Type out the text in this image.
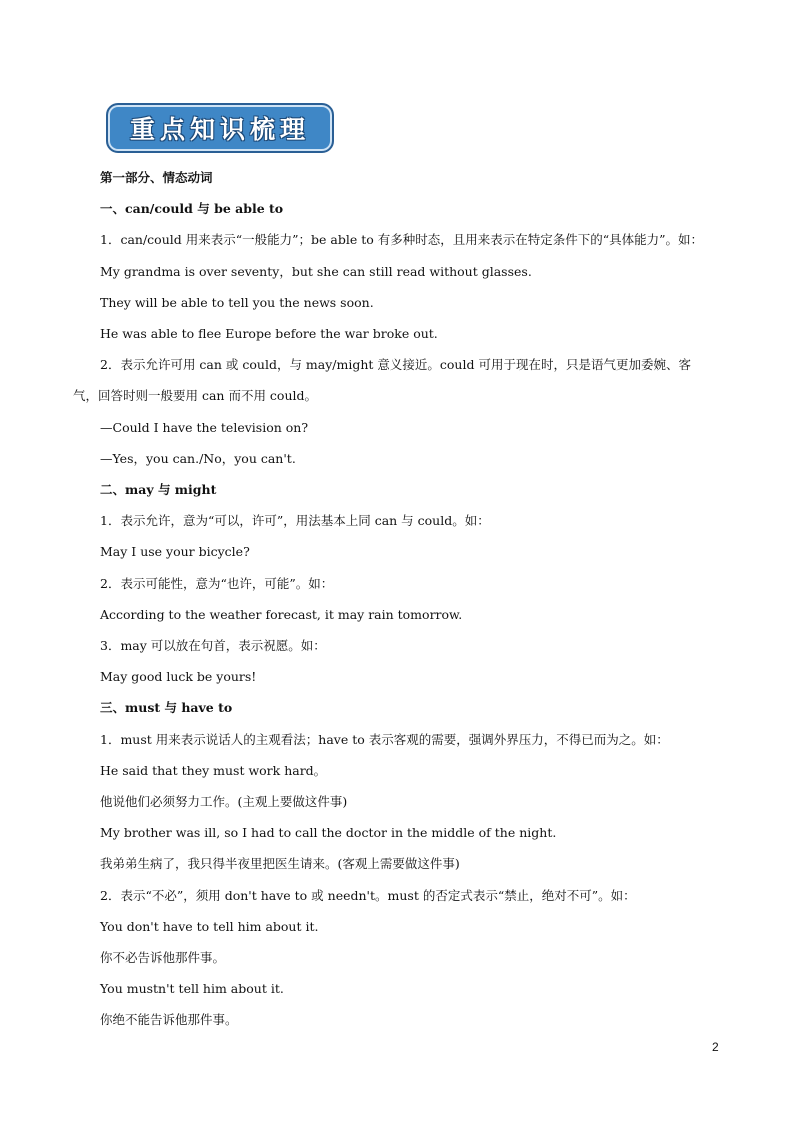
重点知识梳理
第一部分、情态动词
一、can/could 与 be able to
1．can/could 用来表示“一般能力”；be able to 有多种时态，且用来表示在特定条件下的“具体能力”。如：
My grandma is over seventy，but she can still read without glasses.
They will be able to tell you the news soon.
He was able to flee Europe before the war broke out.
2．表示允许可用 can 或 could，与 may/might 意义接近。could 可用于现在时，只是语气更加委婉、客
气，回答时则一般要用 can 而不用 could。
—Could I have the television on?
—Yes，you can./No，you can't.
二、may 与 might
1．表示允许，意为“可以，许可”，用法基本上同 can 与 could。如：
May I use your bicycle?
2．表示可能性，意为“也许，可能”。如：
According to the weather forecast, it may rain tomorrow.
3．may 可以放在句首，表示祝愿。如：
May good luck be yours!
三、must 与 have to
1．must 用来表示说话人的主观看法；have to 表示客观的需要，强调外界压力，不得已而为之。如：
He said that they must work hard。
他说他们必须努力工作。(主观上要做这件事)
My brother was ill, so I had to call the doctor in the middle of the night.
我弟弟生病了，我只得半夜里把医生请来。(客观上需要做这件事)
2．表示“不必”，须用 don't have to 或 needn't。must 的否定式表示“禁止，绝对不可”。如：
You don't have to tell him about it.
你不必告诉他那件事。
You mustn't tell him about it.
你绝不能告诉他那件事。
2
